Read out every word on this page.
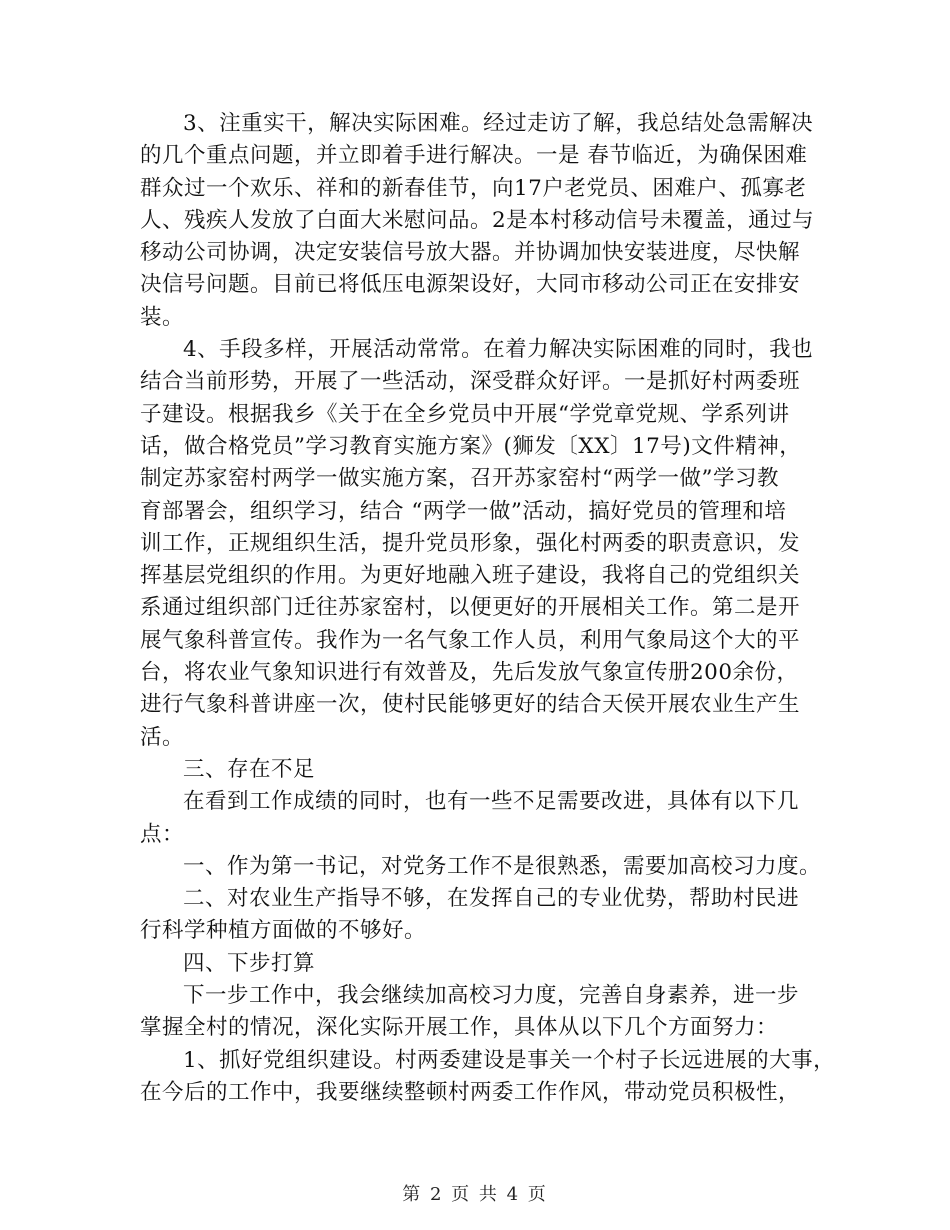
3、注重实干，解决实际困难。经过走访了解，我总结处急需解决
的几个重点问题，并立即着手进行解决。一是 春节临近，为确保困难
群众过一个欢乐、祥和的新春佳节，向17户老党员、困难户、孤寡老
人、残疾人发放了白面大米慰问品。2是本村移动信号未覆盖，通过与
移动公司协调，决定安装信号放大器。并协调加快安装进度，尽快解
决信号问题。目前已将低压电源架设好，大同市移动公司正在安排安
装。
4、手段多样，开展活动常常。在着力解决实际困难的同时，我也
结合当前形势，开展了一些活动，深受群众好评。一是抓好村两委班
子建设。根据我乡《关于在全乡党员中开展“学党章党规、学系列讲
话，做合格党员”学习教育实施方案》(狮发〔XX〕17号)文件精神，
制定苏家窑村两学一做实施方案，召开苏家窑村“两学一做”学习教
育部署会，组织学习，结合 “两学一做”活动，搞好党员的管理和培
训工作，正规组织生活，提升党员形象，强化村两委的职责意识，发
挥基层党组织的作用。为更好地融入班子建设，我将自己的党组织关
系通过组织部门迁往苏家窑村，以便更好的开展相关工作。第二是开
展气象科普宣传。我作为一名气象工作人员，利用气象局这个大的平
台，将农业气象知识进行有效普及，先后发放气象宣传册200余份，
进行气象科普讲座一次，使村民能够更好的结合天侯开展农业生产生
活。
三、存在不足
在看到工作成绩的同时，也有一些不足需要改进，具体有以下几
点：
一、作为第一书记，对党务工作不是很熟悉，需要加高校习力度。
二、对农业生产指导不够，在发挥自己的专业优势，帮助村民进
行科学种植方面做的不够好。
四、下步打算
下一步工作中，我会继续加高校习力度，完善自身素养，进一步
掌握全村的情况，深化实际开展工作，具体从以下几个方面努力：
1、抓好党组织建设。村两委建设是事关一个村子长远进展的大事，
在今后的工作中，我要继续整顿村两委工作作风，带动党员积极性，
第 2 页 共 4 页
